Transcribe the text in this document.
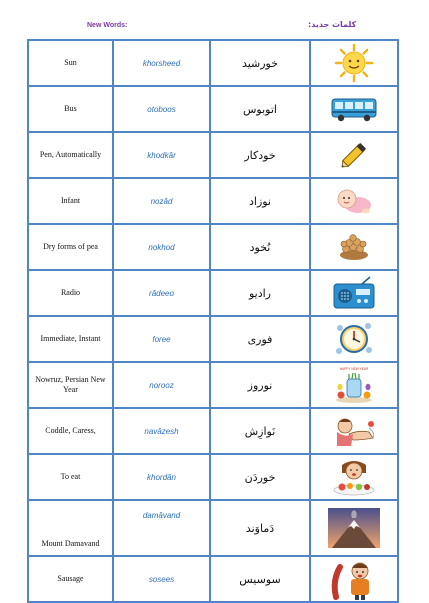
New Words:	کلمات جدید:
Sun	khorsheed	خورشید	

Bus	otoboos	اتوبوس	

Pen, Automatically	khodkâr	خودکار	

Infant	nozâd	نوزاد	

Dry forms of pea	nokhod	نُخود	

Radio	râdeeo	رادیو	

Immediate, Instant	foree	فوری	

Nowruz, Persian New Year	norooz	نوروز	HAPPY NEW YEAR

Coddle, Caress,	navâzesh	نَوازِش	

To eat	khordân	خوردَن	

Mount Damavand	damâvand	دَماوَند	

Sausage	sosees	سوسیس	
